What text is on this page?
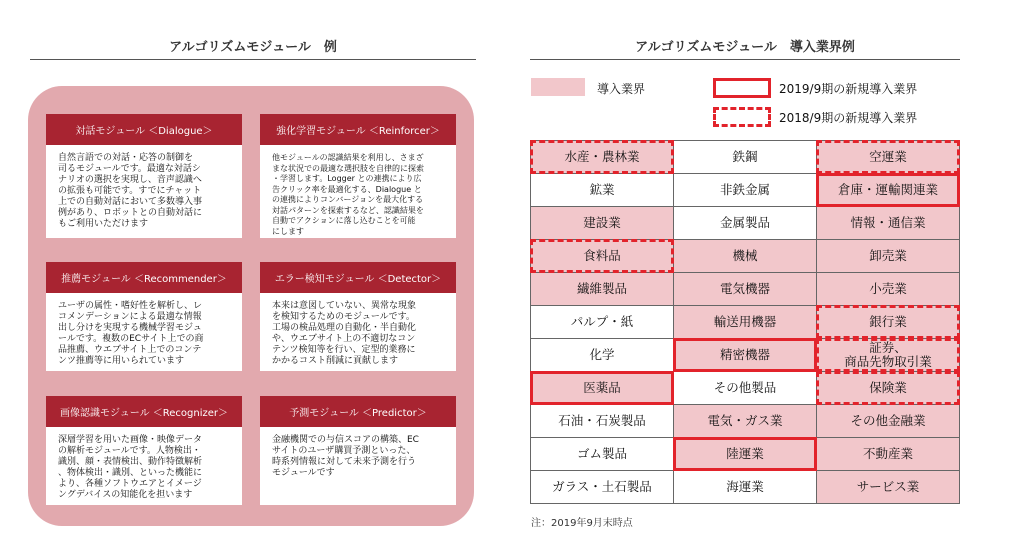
アルゴリズムモジュール　例
対話モジュール ＜Dialogue＞
自然言語での対話・応答の制御を
司るモジュールです。最適な対話シ
ナリオの選択を実現し、音声認識へ
の拡張も可能です。すでにチャット
上での自動対話において多数導入事
例があり、ロボットとの自動対話に
もご利用いただけます
強化学習モジュール ＜Reinforcer＞
他モジュールの認識結果を利用し、さまざ
まな状況での最適な選択肢を自律的に探索
・学習します。Logger との連携により広
告クリック率を最適化する、Dialogue と
の連携によりコンバージョンを最大化する
対話パターンを探索するなど、認識結果を
自動でアクションに落し込むことを可能
にします
推薦モジュール ＜Recommender＞
ユーザの属性・嗜好性を解析し、レ
コメンデーションによる最適な情報
出し分けを実現する機械学習モジュ
ールです。複数のECサイト上での商
品推薦、ウエブサイト上でのコンテ
ンツ推薦等に用いられています
エラー検知モジュール ＜Detector＞
本来は意図していない、異常な現象
を検知するためのモジュールです。
工場の検品処理の自動化・半自動化
や、ウエブサイト上の不適切なコン
テンツ検知等を行い、定型的業務に
かかるコスト削減に貢献します
画像認識モジュール ＜Recognizer＞
深層学習を用いた画像・映像データ
の解析モジュールです。人物検出・
識別、顔・表情検出、動作特徴解析
、物体検出・識別、といった機能に
より、各種ソフトウエアとイメージ
ングデバイスの知能化を担います
予測モジュール ＜Predictor＞
金融機関での与信スコアの構築、EC
サイトのユーザ購買予測といった、
時系列情報に対して未来予測を行う
モジュールです
アルゴリズムモジュール　導入業界例
導入業界	2019/9期の新規導入業界
2018/9期の新規導入業界
水産・農林業	鉄鋼	空運業
鉱業	非鉄金属	倉庫・運輸関連業
建設業	金属製品	情報・通信業
食料品	機械	卸売業
繊維製品	電気機器	小売業
パルプ・紙	輸送用機器	銀行業
化学	精密機器	証券、
商品先物取引業
医薬品	その他製品	保険業
石油・石炭製品	電気・ガス業	その他金融業
ゴム製品	陸運業	不動産業
ガラス・土石製品	海運業	サービス業
注：2019年9月末時点
